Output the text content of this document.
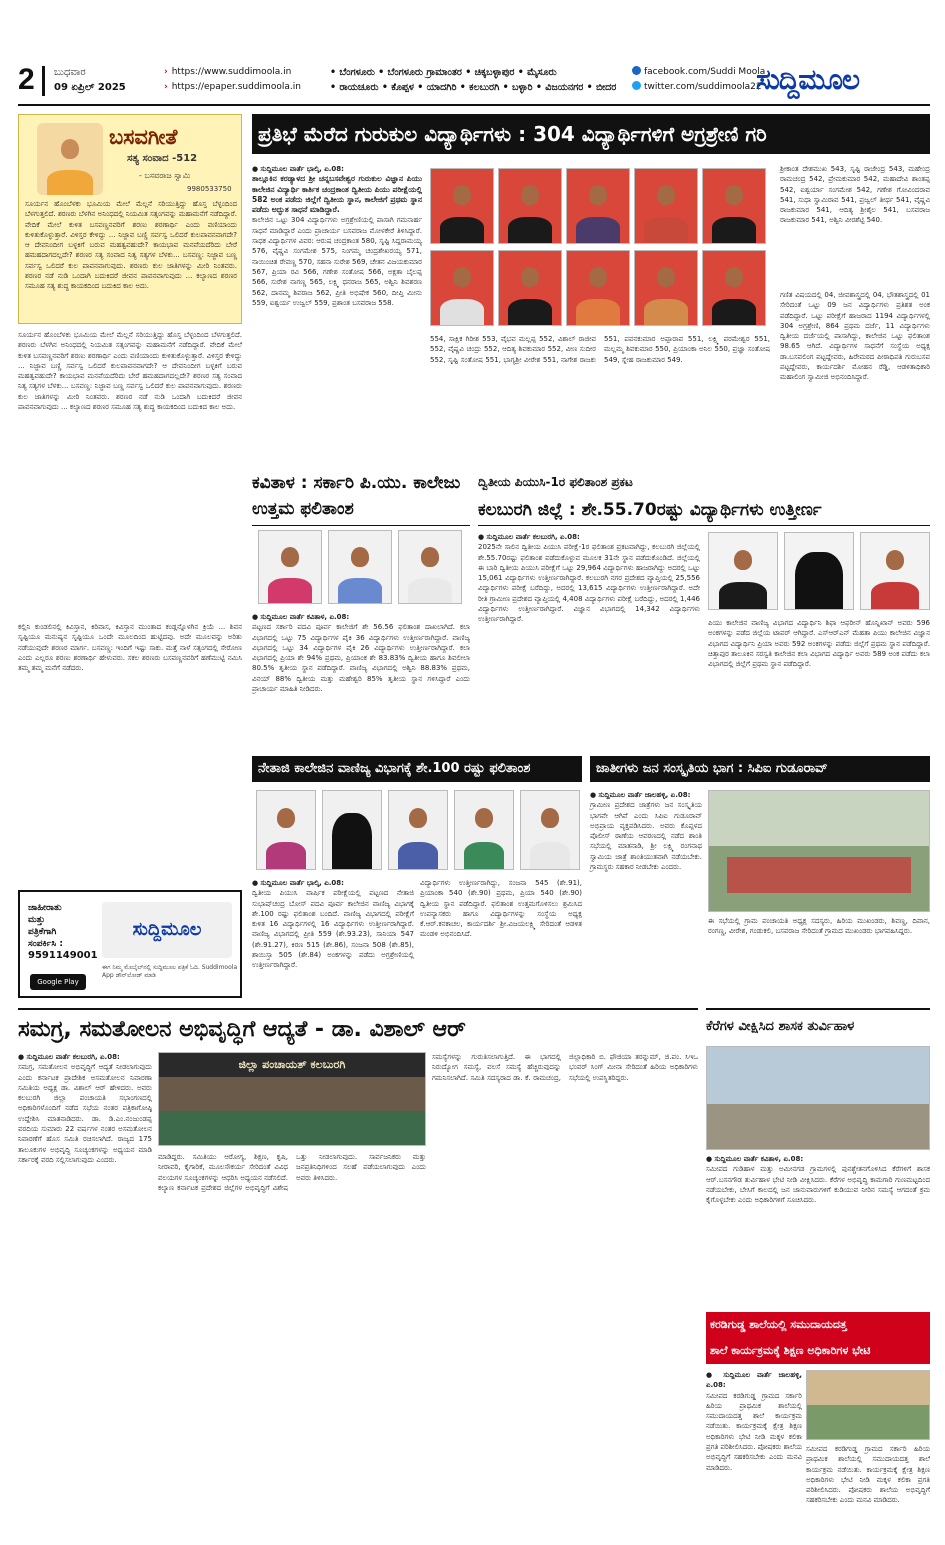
2 ಬುಧವಾರ
09 ಏಪ್ರಿಲ್ 2025
› https://www.suddimoola.in
› https://epaper.suddimoola.in
• ಬೆಂಗಳೂರು • ಬೆಂಗಳೂರು ಗ್ರಾಮಾಂತರ • ಚಿಕ್ಕಬಳ್ಳಾಪುರ • ಮೈಸೂರು
• ರಾಯಚೂರು • ಕೊಪ್ಪಳ • ಯಾದಗಿರಿ • ಕಲಬುರಗಿ • ಬಳ್ಳಾರಿ • ವಿಜಯನಗರ • ಬೀದರ
facebook.com/Suddi Moola
twitter.com/suddimoola22
ಸುದ್ದಿಮೂಲ
ಬಸವಗೀತೆ
ಸತ್ಯ ಸಂವಾದ -512
- ಬಸವರಾಜ ಸ್ವಾಮಿ
9980533750
ಸೂರ್ಯನ ಹೊಂಬೆಳಕು ಭೂಮಿಯ ಮೇಲೆ ಮೆಲ್ಲನೆ ಸರಿಯುತ್ತಿದ್ದು ಹೊಸ್ತ ಬೆಳ್ಳಂದಿಂದ ಬೆಳಗುತ್ತಲಿದೆ. ಶರಣರು ಬೆಳಗಿನ ಅನಿಂಧದಲ್ಲಿ ನಿಯಮಿತ ಸತ್ಸಂಗವನ್ನು ಮಹಾಮನೆಗೆ ನಡೆದಿದ್ದಾರೆ. ವೇದಿಕೆ ಮೇಲೆ ಕುಳಿತ ಬಸವಣ್ಣನವರಿಗೆ ಶರಣು ಶರಣಾರ್ಥಿ ಎಂದು ವಣಿಯಾಂದು ಕುಳಿತುಕೊಳ್ಳುತ್ತಾರೆ. ವಿಳಿಸ್ತರ ಕೇಳಿದ್ದು ... ನಿಜ್ಜಾವ ಬಣ್ಣಿ ಸರ್ವಸ್ವ ಒಲಿದರೆ ಕುಲಪಾವನವಾಗದೇ? ಆ ದೇವನಿಂದೀಗ ಬಳ್ಳಕಿಗೆ ಬರುವ ಮಹತ್ವವಹುದೇ? ಕಾಯಭಾವ ಮನವೆಯದೆರಿದು ಬೇರೆ ಹಮಹದಾಗದಲ್ಲದೇ? ಶರಣರ ಸತ್ಯ ಸಂವಾದ ನಿತ್ಯ ಸತ್ಯಗಳ ಬೆಳಕು... ಬಸವಣ್ಣ: ನಿಜ್ಜಾವ ಬಣ್ಣ ಸರ್ವಸ್ವ ಒಲಿದರೆ ಕುಲ ಪಾವನವಾಗುವುದು. ಶರಣರು ಕುಲ ಜಾತಿಗಳನ್ನು ಮೀರಿ ನಿಂತವರು. ಶರಣರ ನಡೆ ನುಡಿ ಒಂದಾಗಿ ಬದುಕಿದರೆ ಜೀವನ ಪಾವನವಾಗುವುದು ... ಕಲ್ಯಾಣದ ಶರಣರ ಸಮೂಹ ಸತ್ಯ ಶುದ್ಧ ಕಾಯಕದಿಂದ ಬದುಕಿದ ಕಾಲ ಅದು.
ಸೂರ್ಯನ ಹೊಂಬೆಳಕು ಭೂಮಿಯ ಮೇಲೆ ಮೆಲ್ಲನೆ ಸರಿಯುತ್ತಿದ್ದು ಹೊಸ್ತ ಬೆಳ್ಳಂದಿಂದ ಬೆಳಗುತ್ತಲಿದೆ. ಶರಣರು ಬೆಳಗಿನ ಅನಿಂಧದಲ್ಲಿ ನಿಯಮಿತ ಸತ್ಸಂಗವನ್ನು ಮಹಾಮನೆಗೆ ನಡೆದಿದ್ದಾರೆ. ವೇದಿಕೆ ಮೇಲೆ ಕುಳಿತ ಬಸವಣ್ಣನವರಿಗೆ ಶರಣು ಶರಣಾರ್ಥಿ ಎಂದು ವಣಿಯಾಂದು ಕುಳಿತುಕೊಳ್ಳುತ್ತಾರೆ. ವಿಳಿಸ್ತರ ಕೇಳಿದ್ದು ... ನಿಜ್ಜಾವ ಬಣ್ಣಿ ಸರ್ವಸ್ವ ಒಲಿದರೆ ಕುಲಪಾವನವಾಗದೇ? ಆ ದೇವನಿಂದೀಗ ಬಳ್ಳಕಿಗೆ ಬರುವ ಮಹತ್ವವಹುದೇ? ಕಾಯಭಾವ ಮನವೆಯದೆರಿದು ಬೇರೆ ಹಮಹದಾಗದಲ್ಲದೇ? ಶರಣರ ಸತ್ಯ ಸಂವಾದ ನಿತ್ಯ ಸತ್ಯಗಳ ಬೆಳಕು... ಬಸವಣ್ಣ: ನಿಜ್ಜಾವ ಬಣ್ಣ ಸರ್ವಸ್ವ ಒಲಿದರೆ ಕುಲ ಪಾವನವಾಗುವುದು. ಶರಣರು ಕುಲ ಜಾತಿಗಳನ್ನು ಮೀರಿ ನಿಂತವರು. ಶರಣರ ನಡೆ ನುಡಿ ಒಂದಾಗಿ ಬದುಕಿದರೆ ಜೀವನ ಪಾವನವಾಗುವುದು ... ಕಲ್ಯಾಣದ ಶರಣರ ಸಮೂಹ ಸತ್ಯ ಶುದ್ಧ ಕಾಯಕದಿಂದ ಬದುಕಿದ ಕಾಲ ಅದು.
ಕಲ್ಲಿನಿ ಕುಂಡಲಿನಲ್ಲಿ ಕಿವಿಸ್ತಾನ, ಕಿರಿವಾಸ, ಕಿವಿಸ್ತಾನ ಮುಂತಾದ ಕಂಡ್ಲನ್ನೊಳಗಿನ ಕ್ರಿಯೆ ... ಶಿವನ ಸೃಷ್ಟಿಯೂ ಮನುಷ್ಯನ ಸೃಷ್ಟಿಯೂ ಒಂದೇ ಮೂಲದಿಂದ ಹುಟ್ಟಿದವು. ಅದೇ ಮೂಲವನ್ನು ಅರಿತು ನಡೆಯುವುದೇ ಶರಣರ ಮಾರ್ಗ. ಬಸವಣ್ಣ: ಇಂದಿಗೆ ಇಷ್ಟು ಸಾಕು. ಮತ್ತೆ ನಾಳೆ ಸತ್ಸಂಗದಲ್ಲಿ ಸೇರೋಣ ಎಂದು ಎಲ್ಲರೂ ಶರಣು ಶರಣಾರ್ಥಿ ಹೇಳುವರು. ಸಕಲ ಶರಣರು ಬಸವಣ್ಣನವರಿಗೆ ಹಣೆಮುಟ್ಟಿ ನಮಿಸಿ ತಮ್ಮ ತಮ್ಮ ಮನೆಗೆ ನಡೆದರು.
ಜಾಹೀರಾತು
ಮತ್ತು
ಪತ್ರಿಕೆಗಾಗಿ
ಸಂಪರ್ಕಿಸಿ :
9591149001
Google Play
ಸುದ್ದಿಮೂಲ
ಈಗ ನಿಮ್ಮ ಮೊಬೈಲ್‌ನಲ್ಲಿ ಸುದ್ದಿಮೂಲ ಪತ್ರಿಕೆ ಓದಿ. Suddimoola App ಡೌನ್‌ಲೋಡ್ ಮಾಡಿ
ಪ್ರತಿಭೆ ಮೆರೆದ ಗುರುಕುಲ ವಿದ್ಯಾರ್ಥಿಗಳು : 304 ವಿದ್ಯಾರ್ಥಿಗಳಿಗೆ ಅಗ್ರಶ್ರೇಣಿ ಗರಿ
● ಸುದ್ದಿಮೂಲ ವಾರ್ತೆ ಭಾಲ್ಕಿ, ಏ.08:
ತಾಲ್ಲೂಕಿನ ಕರಡ್ಯಾಳದ ಶ್ರೀ ಚನ್ನಬಸವೇಶ್ವರ ಗುರುಕುಲ ವಿಜ್ಞಾನ ಪಿಯು ಕಾಲೇಜಿನ ವಿದ್ಯಾರ್ಥಿ ಕಾರ್ತಿಕ ಚಂದ್ರಕಾಂತ ದ್ವಿತೀಯ ಪಿಯು ಪರೀಕ್ಷೆಯಲ್ಲಿ 582 ಅಂಕ ಪಡೆದು ಜಿಲ್ಲೆಗೆ ದ್ವಿತೀಯ ಸ್ಥಾನ, ಕಾಲೇಜಿಗೆ ಪ್ರಥಮ ಸ್ಥಾನ ಪಡೆದು ಅದ್ಭುತ ಸಾಧನೆ ಮಾಡಿದ್ದಾರೆ.
ಕಾಲೇಜಿನ ಒಟ್ಟು 304 ವಿದ್ಯಾರ್ಥಿಗಳು ಅಗ್ರಶ್ರೇಣಿಯಲ್ಲಿ ಪಾಸಾಗಿ ಗಮನಾರ್ಹ ಸಾಧನೆ ಮಾಡಿದ್ದಾರೆ ಎಂದು ಪ್ರಾಚಾರ್ಯ ಬಸವರಾಜ ಮೋಳಕೇರೆ ತಿಳಿಸಿದ್ದಾರೆ. ಸಾಧಕ ವಿದ್ಯಾರ್ಥಿಗಳ ವಿವರ: ಆರುಷ ಚಂದ್ರಕಾಂತ 580, ಸೃಷ್ಟಿ ಸಿದ್ದರಾಮಯ್ಯ 576, ವೈಷ್ಣವಿ ಸಂಗಮೇಶ 575, ನಿಂಗಮ್ಮ ಚಂದ್ರಶೇಖರಯ್ಯ 571, ನಾಯಿಂಚಿತ ರೇವಣ್ಣ 570, ಸಹನಾ ಸುರೇಶ 569, ಚೇತನ ವಿಜಯಕುಮಾರ 567, ಪ್ರಿಯಾ ರವಿ 566, ಗಣೇಶ ಸಂತೋಷ 566, ಅಕ್ಷತಾ ಬೈಲಪ್ಪ 566, ಸುರೇಶ ನಾಗಣ್ಣ 565, ಲಕ್ಷ್ಮಿ ಧನರಾಜ 565, ಅಶ್ವಿನಿ ಶಿವಶರಣ 562, ದಾನಮ್ಮ ಶಿವರಾಜ 562, ಪ್ರೀತಿ ಅಭಿಷೇಕ 560, ದೀಪ್ತಿ ಮೀನು 559, ಐಶ್ವರ್ಯ ಉಜ್ವಲ್ 559, ಪ್ರಶಾಂತ ಬಸವರಾಜ 558.
554, ಸಾಕ್ಷಿಕ ಗಿರೀಶ 553, ವೈಭವ ಮಲ್ಲಪ್ಪ 552, ವಿಶಾಲ್ ರಾಜೀವ 552, ವೈಷ್ಣವಿ ಚಂದ್ರು 552, ಆದಿತ್ಯ ಶಿವಕುಮಾರ 552, ವೀಣ ಸುದೀರ 552, ಸೃಷ್ಟಿ ಸಂತೋಷ 551, ಭಾಗ್ಯಶ್ರೀ ವೀರೇಶ 551, ನಾಗೇಶ ರಾಜಕು 551, ಪವನಕುಮಾರ ಅಪ್ಪಾರಾವ 551, ಲಕ್ಷ್ಮಿ ಪರಮೇಶ್ವರ 551, ಮಲ್ಲಮ್ಮ ಶಿವಕುಮಾರ 550, ಪ್ರಿಯಾಂಕಾ ಅನಿಲ 550, ಪ್ರಜ್ಞಾ ಸಂತೋಷ 549, ಸ್ನೇಹ ರಾಜಕುಮಾರ 549.
ಶ್ರೀಕಾಂತ ದೇಶಮುಖ 543, ಸೃಷ್ಟಿ ರಾಜೇಂದ್ರ 543, ಮಹೇಂದ್ರ ರಾಮಚಂದ್ರ 542, ಪ್ರೇಮಕುಮಾರ 542, ಮಹಾದೇವಿ ಶಾಂತಪ್ಪ 542, ಐಶ್ವರ್ಯಾ ಸಂಗಮೇಶ 542, ಗಣೇಶ ಗೋವಿಂದರಾವ 541, ಸುಧಾ ಸ್ವಾಮಿರಾವ 541, ಪ್ರಜ್ವಲ್ ತೀರ್ಥ 541, ವೈಷ್ಣವಿ ರಾಜಕುಮಾರ 541, ಆದಿತ್ಯ ಶ್ರೀಶೈಲ 541, ಬಸವರಾಜ ರಾಜಕುಮಾರ 541, ಅಶ್ವಿನಿ ವೀರಶೆಟ್ಟಿ 540.
ಗಣಿತ ವಿಷಯದಲ್ಲಿ 04, ಜೀವಶಾಸ್ತ್ರದಲ್ಲಿ 04, ಭೌತಶಾಸ್ತ್ರದಲ್ಲಿ 01 ಸೇರಿದಂತೆ ಒಟ್ಟು 09 ಜನ ವಿದ್ಯಾರ್ಥಿಗಳು ಪ್ರತಿಶತ ಅಂಕ ಪಡೆದಿದ್ದಾರೆ. ಒಟ್ಟು ಪರೀಕ್ಷೆಗೆ ಹಾಜರಾದ 1194 ವಿದ್ಯಾರ್ಥಿಗಳಲ್ಲಿ 304 ಅಗ್ರಶ್ರೇಣಿ, 864 ಪ್ರಥಮ ದರ್ಜೆ, 11 ವಿದ್ಯಾರ್ಥಿಗಳು ದ್ವಿತೀಯ ದರ್ಜೆಯಲ್ಲಿ ಪಾಸಾಗಿದ್ದು, ಕಾಲೇಜಿನ ಒಟ್ಟು ಫಲಿತಾಂಶ 98.65 ಆಗಿದೆ. ವಿದ್ಯಾರ್ಥಿಗಳ ಸಾಧನೆಗೆ ಸಂಸ್ಥೆಯ ಅಧ್ಯಕ್ಷ ಡಾ.ಬಸವಲಿಂಗ ಪಟ್ಟದ್ದೇವರು, ಹಿರೇಮಠದ ಪೀಠಾಧಿಪತಿ ಗುರುಬಸವ ಪಟ್ಟದ್ದೇವರು, ಕಾರ್ಯದರ್ಶಿ ಮೋಹನ ರೆಡ್ಡಿ, ಆಡಳಿತಾಧಿಕಾರಿ ಮಹಾಲಿಂಗ ಸ್ವಾಮೀಜಿ ಅಭಿನಂದಿಸಿದ್ದಾರೆ.
ಕವಿತಾಳ : ಸರ್ಕಾರಿ ಪಿ.ಯು. ಕಾಲೇಜು ಉತ್ತಮ ಫಲಿತಾಂಶ
● ಸುದ್ದಿಮೂಲ ವಾರ್ತೆ ಕವಿತಾಳ, ಏ.08:
ಪಟ್ಟಣದ ಸರ್ಕಾರಿ ಪದವಿ ಪೂರ್ವ ಕಾಲೇಜಿಗೆ ಶೇ 56.56 ಫಲಿತಾಂಶ ದಾಖಲಾಗಿದೆ. ಕಲಾ ವಿಭಾಗದಲ್ಲಿ ಒಟ್ಟು 75 ವಿದ್ಯಾರ್ಥಿಗಳ ಪೈಕಿ 36 ವಿದ್ಯಾರ್ಥಿಗಳು ಉತ್ತೀರ್ಣರಾಗಿದ್ದಾರೆ. ವಾಣಿಜ್ಯ ವಿಭಾಗದಲ್ಲಿ ಒಟ್ಟು 34 ವಿದ್ಯಾರ್ಥಿಗಳ ಪೈಕಿ 26 ವಿದ್ಯಾರ್ಥಿಗಳು ಉತ್ತೀರ್ಣರಾಗಿದ್ದಾರೆ. ಕಲಾ ವಿಭಾಗದಲ್ಲಿ ಪ್ರಿಯಾ ಶೇ 94% ಪ್ರಥಮ, ಪ್ರಿಯಾಂಕ ಶೇ 83.83% ದ್ವಿತೀಯ ಹಾಗೂ ಶಿವಲೀಲಾ 80.5% ತೃತೀಯ ಸ್ಥಾನ ಪಡೆದಿದ್ದಾರೆ. ವಾಣಿಜ್ಯ ವಿಭಾಗದಲ್ಲಿ ಅಶ್ವಿನಿ 88.83% ಪ್ರಥಮ, ವಿನಯ್ 88% ದ್ವಿತೀಯ ಮತ್ತು ಮಹೇಶ್ವರಿ 85% ತೃತೀಯ ಸ್ಥಾನ ಗಳಿಸಿದ್ದಾರೆ ಎಂದು ಪ್ರಾಚಾರ್ಯ ಮಾಹಿತಿ ನೀಡಿದರು.
ದ್ವಿತೀಯ ಪಿಯುಸಿ-1ರ ಫಲಿತಾಂಶ ಪ್ರಕಟ
ಕಲಬುರಗಿ ಜಿಲ್ಲೆ : ಶೇ.55.70ರಷ್ಟು ವಿದ್ಯಾರ್ಥಿಗಳು ಉತ್ತೀರ್ಣ
● ಸುದ್ದಿಮೂಲ ವಾರ್ತೆ ಕಲಬುರಗಿ, ಏ.08:
2025ನೇ ಸಾಲಿನ ದ್ವಿತೀಯ ಪಿಯುಸಿ ಪರೀಕ್ಷೆ-1ರ ಫಲಿತಾಂಶ ಪ್ರಕಟವಾಗಿದ್ದು, ಕಲಬುರಗಿ ಜಿಲ್ಲೆಯಲ್ಲಿ ಶೇ.55.70ರಷ್ಟು ಫಲಿತಾಂಶ ಪಡೆದುಕೊಳ್ಳುವ ಮೂಲಕ 31ನೇ ಸ್ಥಾನ ಪಡೆದುಕೊಂಡಿದೆ. ಜಿಲ್ಲೆಯಲ್ಲಿ ಈ ಬಾರಿ ದ್ವಿತೀಯ ಪಿಯುಸಿ ಪರೀಕ್ಷೆಗೆ ಒಟ್ಟು 29,964 ವಿದ್ಯಾರ್ಥಿಗಳು ಹಾಜರಾಗಿದ್ದು ಅದರಲ್ಲಿ ಒಟ್ಟು 15,061 ವಿದ್ಯಾರ್ಥಿಗಳು ಉತ್ತೀರ್ಣರಾಗಿದ್ದಾರೆ. ಕಲಬುರಗಿ ನಗರ ಪ್ರದೇಶದ ವ್ಯಾಪ್ತಿಯಲ್ಲಿ 25,556 ವಿದ್ಯಾರ್ಥಿಗಳು ಪರೀಕ್ಷೆ ಬರೆದಿದ್ದು, ಅದರಲ್ಲಿ 13,615 ವಿದ್ಯಾರ್ಥಿಗಳು ಉತ್ತೀರ್ಣರಾಗಿದ್ದಾರೆ. ಅದೇ ರೀತಿ ಗ್ರಾಮೀಣ ಪ್ರದೇಶದ ವ್ಯಾಪ್ತಿಯಲ್ಲಿ 4,408 ವಿದ್ಯಾರ್ಥಿಗಳು ಪರೀಕ್ಷೆ ಬರೆದಿದ್ದು, ಅದರಲ್ಲಿ 1,446 ವಿದ್ಯಾರ್ಥಿಗಳು ಉತ್ತೀರ್ಣರಾಗಿದ್ದಾರೆ. ವಿಜ್ಞಾನ ವಿಭಾಗದಲ್ಲಿ 14,342 ವಿದ್ಯಾರ್ಥಿಗಳು ಉತ್ತೀರ್ಣರಾಗಿದ್ದಾರೆ.	ಪಿಯು ಕಾಲೇಜಿನ ವಾಣಿಜ್ಯ ವಿಭಾಗದ ವಿದ್ಯಾರ್ಥಿನಿ ಶಿಫಾ ಆಫರೀನ್ ಹೊನ್ನಿಖಾನ್ ಅವರು 596 ಅಂಕಗಳನ್ನು ಪಡೆದ ಜಿಲ್ಲೆಯ ಟಾಪರ್ ಆಗಿದ್ದಾರೆ. ಎಸ್‌ಆರ್‌ಎನ್ ಮೆಹತಾ ಪಿಯು ಕಾಲೇಜಿನ ವಿಜ್ಞಾನ ವಿಭಾಗದ ವಿದ್ಯಾರ್ಥಿನಿ ಪ್ರಿಯಾ ಅವರು 592 ಅಂಕಗಳನ್ನು ಪಡೆದು ಜಿಲ್ಲೆಗೆ ಪ್ರಥಮ ಸ್ಥಾನ ಪಡೆದಿದ್ದಾರೆ. ಚಿತ್ತಾಪುರ ತಾಲೂಕಿನ ಸರಸ್ವತಿ ಕಾಲೇಜಿನ ಕಲಾ ವಿಭಾಗದ ವಿದ್ಯಾರ್ಥಿ ಅವರು 589 ಅಂಕ ಪಡೆದು ಕಲಾ ವಿಭಾಗದಲ್ಲಿ ಜಿಲ್ಲೆಗೆ ಪ್ರಥಮ ಸ್ಥಾನ ಪಡೆದಿದ್ದಾರೆ.
ನೇತಾಜಿ ಕಾಲೇಜಿನ ವಾಣಿಜ್ಯ ವಿಭಾಗಕ್ಕೆ ಶೇ.100 ರಷ್ಟು ಫಲಿತಾಂಶ
● ಸುದ್ದಿಮೂಲ ವಾರ್ತೆ ಭಾಲ್ಕಿ, ಏ.08:
ದ್ವಿತೀಯ ಪಿಯುಸಿ ವಾರ್ಷಿಕ ಪರೀಕ್ಷೆಯಲ್ಲಿ ಪಟ್ಟಣದ ನೇತಾಜಿ ಸುಭಾಷ್‌ಚಂದ್ರ ಬೋಸ್ ಪದವಿ ಪೂರ್ವ ಕಾಲೇಜಿನ ವಾಣಿಜ್ಯ ವಿಭಾಗಕ್ಕೆ ಶೇ.100 ರಷ್ಟು ಫಲಿತಾಂಶ ಬಂದಿದೆ. ವಾಣಿಜ್ಯ ವಿಭಾಗದಲ್ಲಿ ಪರೀಕ್ಷೆಗೆ ಕುಳಿತ 16 ವಿದ್ಯಾರ್ಥಿಗಳಲ್ಲಿ 16 ವಿದ್ಯಾರ್ಥಿಗಳು ಉತ್ತೀರ್ಣರಾಗಿದ್ದಾರೆ. ವಾಣಿಜ್ಯ ವಿಭಾಗದಲ್ಲಿ ಪ್ರೀತಿ 559 (ಶೇ.93.23), ಸಾನಿಯಾ 547 (ಶೇ.91.27), ಕಿರಣ 515 (ಶೇ.86), ಸಂಜನಾ 508 (ಶೇ.85), ಶಾಯಿಸ್ತಾ 505 (ಶೇ.84) ಅಂಕಗಳನ್ನು ಪಡೆದು ಅಗ್ರಶ್ರೇಣಿಯಲ್ಲಿ ಉತ್ತೀರ್ಣರಾಗಿದ್ದಾರೆ.
ವಿದ್ಯಾರ್ಥಿಗಳು ಉತ್ತೀರ್ಣರಾಗಿದ್ದು, ಸಂಜನಾ 545 (ಶೇ.91), ಪ್ರಿಯಾಂಕಾ 540 (ಶೇ.90) ಪ್ರಥಮ, ಪ್ರಿಯಾ 540 (ಶೇ.90) ದ್ವಿತೀಯ ಸ್ಥಾನ ಪಡೆದಿದ್ದಾರೆ. ಫಲಿತಾಂಶ ಉತ್ತಮಗೊಳಿಸಲು ಶ್ರಮಿಸಿದ ಉಪನ್ಯಾಸಕರು ಹಾಗೂ ವಿದ್ಯಾರ್ಥಿಗಳನ್ನು ಸಂಸ್ಥೆಯ ಅಧ್ಯಕ್ಷ ಕೆ.ಆರ್.ಕನಕಾಚಲ, ಕಾರ್ಯದರ್ಶಿ ಶ್ರೀ.ವಿಜಯಲಕ್ಷ್ಮಿ ಸೇರಿದಂತೆ ಆಡಳಿತ ಮಂಡಳಿ ಅಭಿನಂದಿಸಿದೆ.
ಜಾತೀಗಳು ಜನ ಸಂಸ್ಕೃತಿಯ ಭಾಗ : ಸಿಪಿಐ ಗುಡೂರಾವ್
● ಸುದ್ದಿಮೂಲ ವಾರ್ತೆ ಜಾಲಹಳ್ಳಿ, ಏ.08:
ಗ್ರಾಮೀಣ ಪ್ರದೇಶದ ಜಾತ್ರೆಗಳು ಜನ ಸಂಸ್ಕೃತಿಯ ಭಾಗವೇ ಆಗಿವೆ ಎಂದು ಸಿಪಿಐ ಗುಡೂರಾವ್ ಅಭಿಪ್ರಾಯ ವ್ಯಕ್ತಪಡಿಸಿದರು. ಅವರು ಕೊಪ್ಪಳದ ಪೊಲೀಸ್ ಠಾಣೆಯ ಆವರಣದಲ್ಲಿ ನಡೆದ ಶಾಂತಿ ಸಭೆಯಲ್ಲಿ ಮಾತನಾಡಿ, ಶ್ರೀ ಲಕ್ಷ್ಮಿ ರಂಗನಾಥ ಸ್ವಾಮಿಯ ಜಾತ್ರೆ ಶಾಂತಿಯುತವಾಗಿ ನಡೆಯಬೇಕು. ಗ್ರಾಮಸ್ಥರು ಸಹಕಾರ ನೀಡಬೇಕು ಎಂದರು.
ಈ ಸಭೆಯಲ್ಲಿ ಗ್ರಾಮ ಪಂಚಾಯತಿ ಅಧ್ಯಕ್ಷ ಸದಸ್ಯರು, ಹಿರಿಯ ಮುಖಂಡರು, ಶಿವಣ್ಣ, ದಿವಾನ, ರಂಗಣ್ಣ, ವೀರೇಶ, ಗಂಡುಕಲಿ, ಬಸವರಾಜ ಸೇರಿದಂತೆ ಗ್ರಾಮದ ಮುಖಂಡರು ಭಾಗವಹಿಸಿದ್ದರು.
ಸಮಗ್ರ, ಸಮತೋಲನ ಅಭಿವೃದ್ಧಿಗೆ ಆದ್ಯತೆ - ಡಾ. ವಿಶಾಲ್ ಆರ್
● ಸುದ್ದಿಮೂಲ ವಾರ್ತೆ ಕಲಬುರಗಿ, ಏ.08:
ಸಮಗ್ರ, ಸಮತೋಲನ ಅಭಿವೃದ್ಧಿಗೆ ಆದ್ಯತೆ ನೀಡಲಾಗುವುದು ಎಂದು ಕರ್ನಾಟಕ ಪ್ರಾದೇಶಿಕ ಅಸಮತೋಲನ ನಿವಾರಣಾ ಸಮಿತಿಯ ಅಧ್ಯಕ್ಷ ಡಾ. ವಿಶಾಲ್ ಆರ್ ಹೇಳಿದರು. ಅವರು ಕಲಬುರಗಿ ಜಿಲ್ಲಾ ಪಂಚಾಯತಿ ಸಭಾಂಗಣದಲ್ಲಿ ಅಧಿಕಾರಿಗಳೊಂದಿಗೆ ನಡೆದ ಸಭೆಯ ನಂತರ ಪತ್ರಿಕಾಗೋಷ್ಠಿ ಉದ್ದೇಶಿಸಿ ಮಾತನಾಡಿದರು. ಡಾ. ಡಿ.ಎಂ.ನಂಜುಂಡಪ್ಪ ವರದಿಯ ಸುಮಾರು 22 ವರ್ಷಗಳ ನಂತರ ಅಸಮತೋಲನ ನಿವಾರಣೆಗೆ ಹೊಸ ಸಮಿತಿ ರಚಿಸಲಾಗಿದೆ. ರಾಜ್ಯದ 175 ತಾಲೂಕುಗಳ ಅಭಿವೃದ್ಧಿ ಸೂಚ್ಯಂಕಗಳನ್ನು ಅಧ್ಯಯನ ಮಾಡಿ ಸರ್ಕಾರಕ್ಕೆ ವರದಿ ಸಲ್ಲಿಸಲಾಗುವುದು ಎಂದರು.
ಜಿಲ್ಲಾ ಪಂಚಾಯತ್ ಕಲಬುರಗಿ
ಮಾಡಿದ್ದರು. ಸಮಿತಿಯು ಆರೋಗ್ಯ, ಶಿಕ್ಷಣ, ಕೃಷಿ, ನೀರಾವರಿ, ಕೈಗಾರಿಕೆ, ಮೂಲಸೌಕರ್ಯ ಸೇರಿದಂತೆ ವಿವಿಧ ವಲಯಗಳ ಸೂಚ್ಯಂಕಗಳನ್ನು ಆಧರಿಸಿ ಅಧ್ಯಯನ ನಡೆಸಲಿದೆ. ಕಲ್ಯಾಣ ಕರ್ನಾಟಕ ಪ್ರದೇಶದ ಜಿಲ್ಲೆಗಳ ಅಭಿವೃದ್ಧಿಗೆ ವಿಶೇಷ ಒತ್ತು ನೀಡಲಾಗುವುದು. ಸಾರ್ವಜನಿಕರು ಮತ್ತು ಜನಪ್ರತಿನಿಧಿಗಳಿಂದ ಸಲಹೆ ಪಡೆಯಲಾಗುವುದು ಎಂದು ಅವರು ತಿಳಿಸಿದರು.
ಸಮಸ್ಯೆಗಳನ್ನು ಗುರುತಿಸಲಾಗುತ್ತಿದೆ. ಈ ಭಾಗದಲ್ಲಿ ನಿರುದ್ಯೋಗ ಸಮಸ್ಯೆ, ವಲಸೆ ಸಮಸ್ಯೆ ಹೆಚ್ಚಿರುವುದನ್ನು ಗಮನಿಸಲಾಗಿದೆ. ಸಮಿತಿ ಸದಸ್ಯರಾದ ಡಾ. ಕೆ. ರಾಮಚಂದ್ರ, ಜಿಲ್ಲಾಧಿಕಾರಿ ಬಿ. ಫೌಜಿಯಾ ತರನ್ನುಮ್, ಜಿ.ಪಂ. ಸಿಇಒ ಭಂವರ್ ಸಿಂಗ್ ಮೀನಾ ಸೇರಿದಂತೆ ಹಿರಿಯ ಅಧಿಕಾರಿಗಳು ಸಭೆಯಲ್ಲಿ ಉಪಸ್ಥಿತರಿದ್ದರು.
ಕೆರೆಗಳ ವೀಕ್ಷಿಸಿದ ಶಾಸಕ ತುರ್ವಿಹಾಳ
● ಸುದ್ದಿಮೂಲ ವಾರ್ತೆ ಕವಿತಾಳ, ಏ.08:
ಸಮೀಪದ ಗುಡಿಹಾಳ ಮತ್ತು ಅಮೀನಗಡ ಗ್ರಾಮಗಳಲ್ಲಿ ಪುನಶ್ಚೇತನಗೊಳಿಸಿದ ಕೆರೆಗಳಿಗೆ ಶಾಸಕ ಆರ್.ಬಸನಗೌಡ ತುರ್ವಿಹಾಳ ಭೇಟಿ ನೀಡಿ ವೀಕ್ಷಿಸಿದರು. ಕೆರೆಗಳ ಅಭಿವೃದ್ಧಿ ಕಾಮಗಾರಿ ಗುಣಮಟ್ಟದಿಂದ ನಡೆಯಬೇಕು, ಬೇಸಿಗೆ ಕಾಲದಲ್ಲಿ ಜನ ಜಾನುವಾರುಗಳಿಗೆ ಕುಡಿಯುವ ನೀರಿನ ಸಮಸ್ಯೆ ಆಗದಂತೆ ಕ್ರಮ ಕೈಗೊಳ್ಳಬೇಕು ಎಂದು ಅಧಿಕಾರಿಗಳಿಗೆ ಸೂಚಿಸಿದರು.
ಕರಡಿಗುಡ್ಡ ಶಾಲೆಯಲ್ಲಿ ಸಮುದಾಯದತ್ತ
ಶಾಲೆ ಕಾರ್ಯಕ್ರಮಕ್ಕೆ ಶಿಕ್ಷಣ ಅಧಿಕಾರಿಗಳ ಭೇಟಿ
● ಸುದ್ದಿಮೂಲ ವಾರ್ತೆ ಜಾಲಹಳ್ಳಿ, ಏ.08:
ಸಮೀಪದ ಕರಡಿಗುಡ್ಡ ಗ್ರಾಮದ ಸರ್ಕಾರಿ ಹಿರಿಯ ಪ್ರಾಥಮಿಕ ಶಾಲೆಯಲ್ಲಿ ಸಮುದಾಯದತ್ತ ಶಾಲೆ ಕಾರ್ಯಕ್ರಮ ನಡೆಯಿತು. ಕಾರ್ಯಕ್ರಮಕ್ಕೆ ಕ್ಷೇತ್ರ ಶಿಕ್ಷಣ ಅಧಿಕಾರಿಗಳು ಭೇಟಿ ನೀಡಿ ಮಕ್ಕಳ ಕಲಿಕಾ ಪ್ರಗತಿ ಪರಿಶೀಲಿಸಿದರು. ಪೋಷಕರು ಶಾಲೆಯ ಅಭಿವೃದ್ಧಿಗೆ ಸಹಕರಿಸಬೇಕು ಎಂದು ಮನವಿ ಮಾಡಿದರು.
ಸಮೀಪದ ಕರಡಿಗುಡ್ಡ ಗ್ರಾಮದ ಸರ್ಕಾರಿ ಹಿರಿಯ ಪ್ರಾಥಮಿಕ ಶಾಲೆಯಲ್ಲಿ ಸಮುದಾಯದತ್ತ ಶಾಲೆ ಕಾರ್ಯಕ್ರಮ ನಡೆಯಿತು. ಕಾರ್ಯಕ್ರಮಕ್ಕೆ ಕ್ಷೇತ್ರ ಶಿಕ್ಷಣ ಅಧಿಕಾರಿಗಳು ಭೇಟಿ ನೀಡಿ ಮಕ್ಕಳ ಕಲಿಕಾ ಪ್ರಗತಿ ಪರಿಶೀಲಿಸಿದರು. ಪೋಷಕರು ಶಾಲೆಯ ಅಭಿವೃದ್ಧಿಗೆ ಸಹಕರಿಸಬೇಕು ಎಂದು ಮನವಿ ಮಾಡಿದರು.
